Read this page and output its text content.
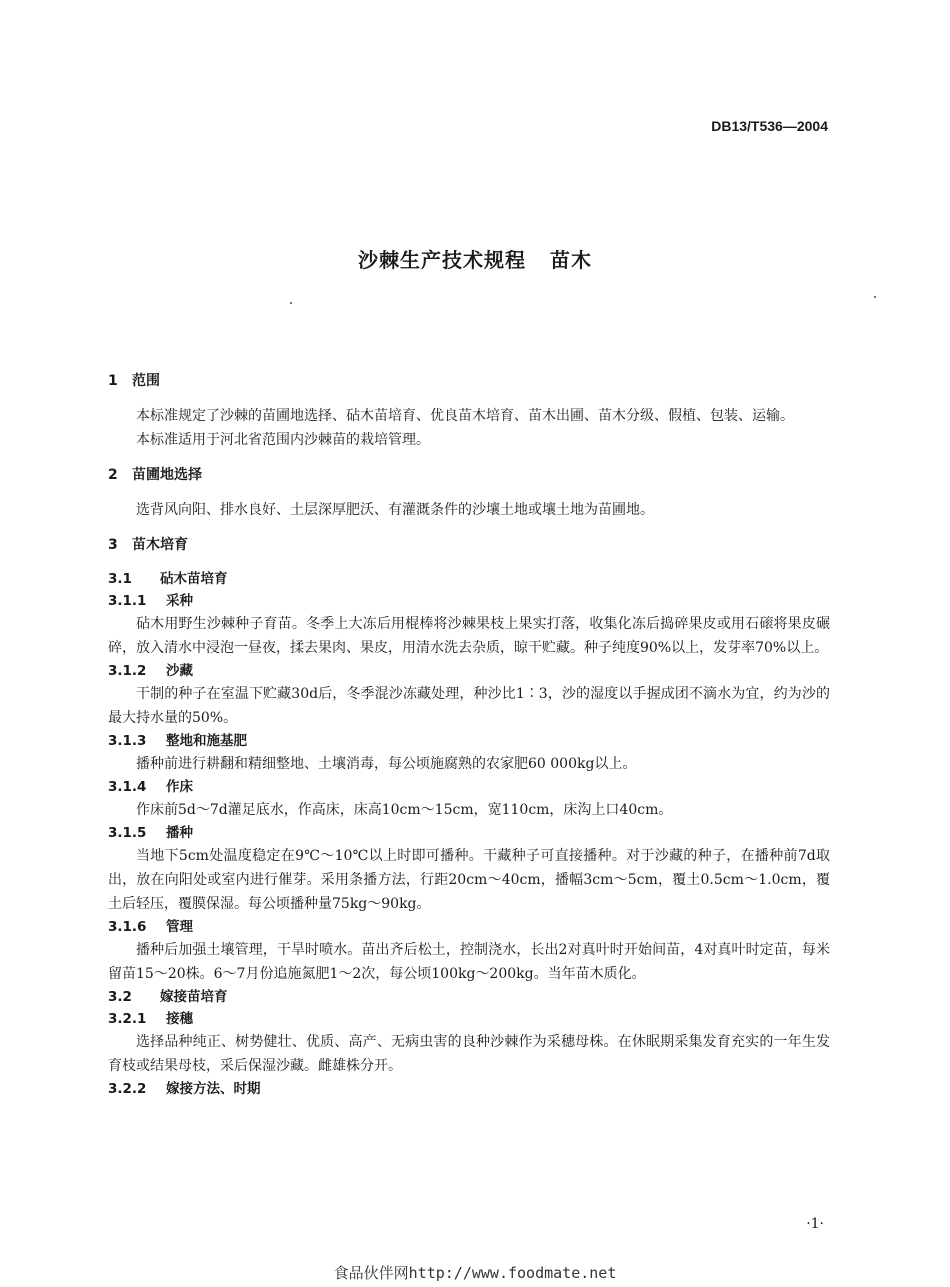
DB13/T536—2004
沙棘生产技术规程 苗木
1 范围

本标准规定了沙棘的苗圃地选择、砧木苗培育、优良苗木培育、苗木出圃、苗木分级、假植、包装、运输。

本标准适用于河北省范围内沙棘苗的栽培管理。

2 苗圃地选择

选背风向阳、排水良好、土层深厚肥沃、有灌溉条件的沙壤土地或壤土地为苗圃地。

3 苗木培育
3.1 砧木苗培育
3.1.1 采种

砧木用野生沙棘种子育苗。冬季上大冻后用棍棒将沙棘果枝上果实打落，收集化冻后捣碎果皮或用石磙将果皮碾碎，放入清水中浸泡一昼夜，揉去果肉、果皮，用清水洗去杂质，晾干贮藏。种子纯度90%以上，发芽率70%以上。

3.1.2 沙藏

干制的种子在室温下贮藏30d后，冬季混沙冻藏处理，种沙比1∶3，沙的湿度以手握成团不滴水为宜，约为沙的最大持水量的50%。

3.1.3 整地和施基肥

播种前进行耕翻和精细整地、土壤消毒，每公顷施腐熟的农家肥60 000kg以上。

3.1.4 作床

作床前5d～7d灌足底水，作高床，床高10cm～15cm，宽110cm，床沟上口40cm。

3.1.5 播种

当地下5cm处温度稳定在9℃～10℃以上时即可播种。干藏种子可直接播种。对于沙藏的种子，在播种前7d取出，放在向阳处或室内进行催芽。采用条播方法，行距20cm～40cm，播幅3cm～5cm，覆土0.5cm～1.0cm，覆土后轻压，覆膜保湿。每公顷播种量75kg～90kg。

3.1.6 管理

播种后加强土壤管理，干旱时喷水。苗出齐后松土，控制浇水，长出2对真叶时开始间苗，4对真叶时定苗，每米留苗15～20株。6～7月份追施氮肥1～2次，每公顷100kg～200kg。当年苗木质化。

3.2 嫁接苗培育
3.2.1 接穗

选择品种纯正、树势健壮、优质、高产、无病虫害的良种沙棘作为采穗母株。在休眠期采集发育充实的一年生发育枝或结果母枝，采后保湿沙藏。雌雄株分开。

3.2.2 嫁接方法、时期
·1·
食品伙伴网http://www.foodmate.net
